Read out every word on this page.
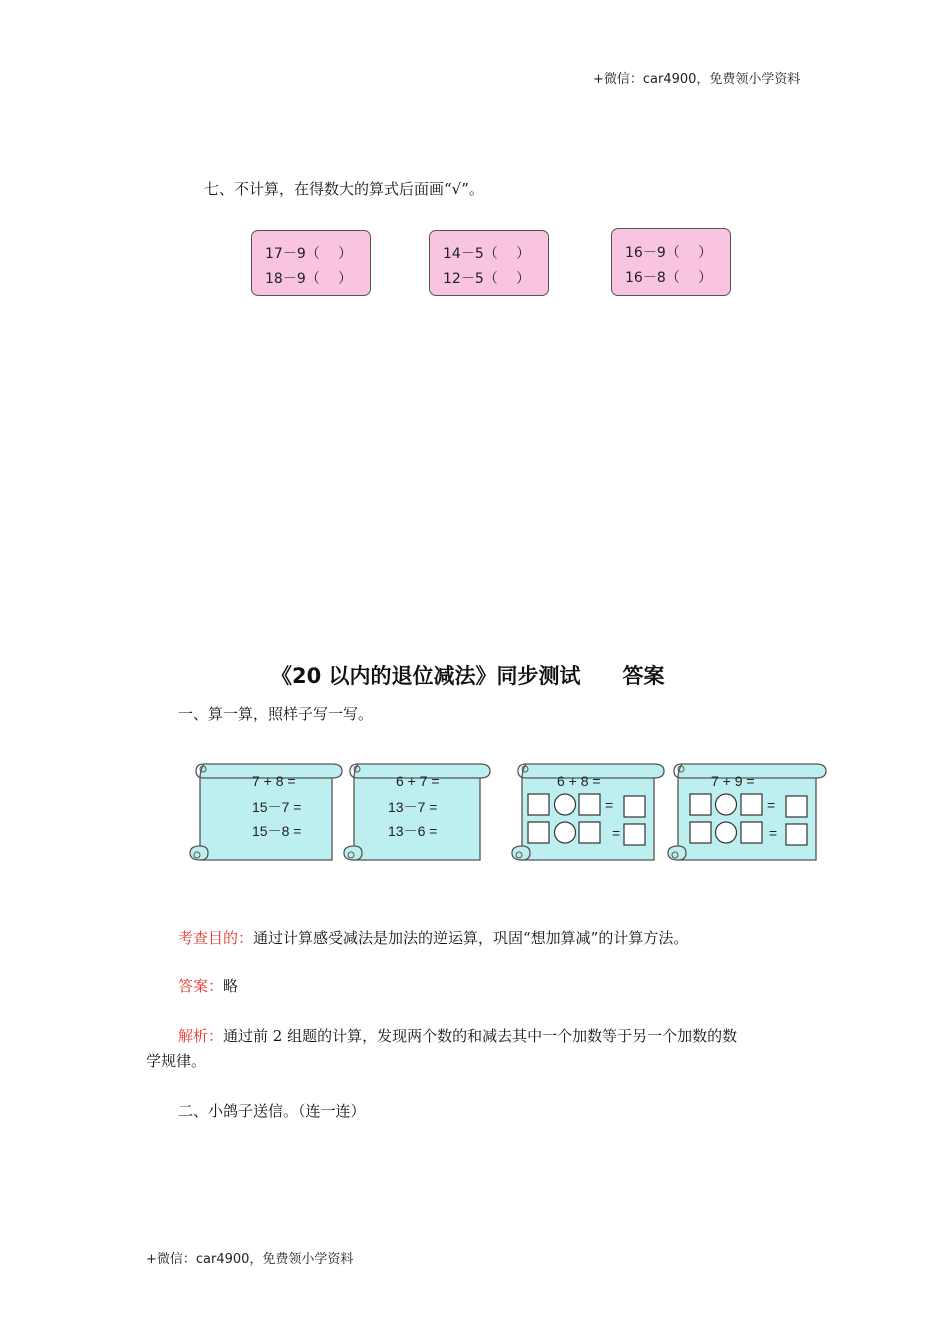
+微信：car4900，免费领小学资料
七、不计算，在得数大的算式后面画“√”。
17－9（　 ）
18－9（　 ）
14－5（　 ）
12－5（　 ）
16－9（　 ）
16－8（　 ）
《20 以内的退位减法》同步测试　　答案
一、算一算，照样子写一写。
7 + 8 =
15－7 =
15－8 =
6 + 7 =
13－7 =
13－6 =
6 + 8 =
=
=
7 + 9 =
=
=
考查目的：通过计算感受减法是加法的逆运算，巩固“想加算减”的计算方法。
答案：略
解析：通过前 2 组题的计算，发现两个数的和减去其中一个加数等于另一个加数的数
学规律。
二、小鸽子送信。（连一连）
+微信：car4900，免费领小学资料
